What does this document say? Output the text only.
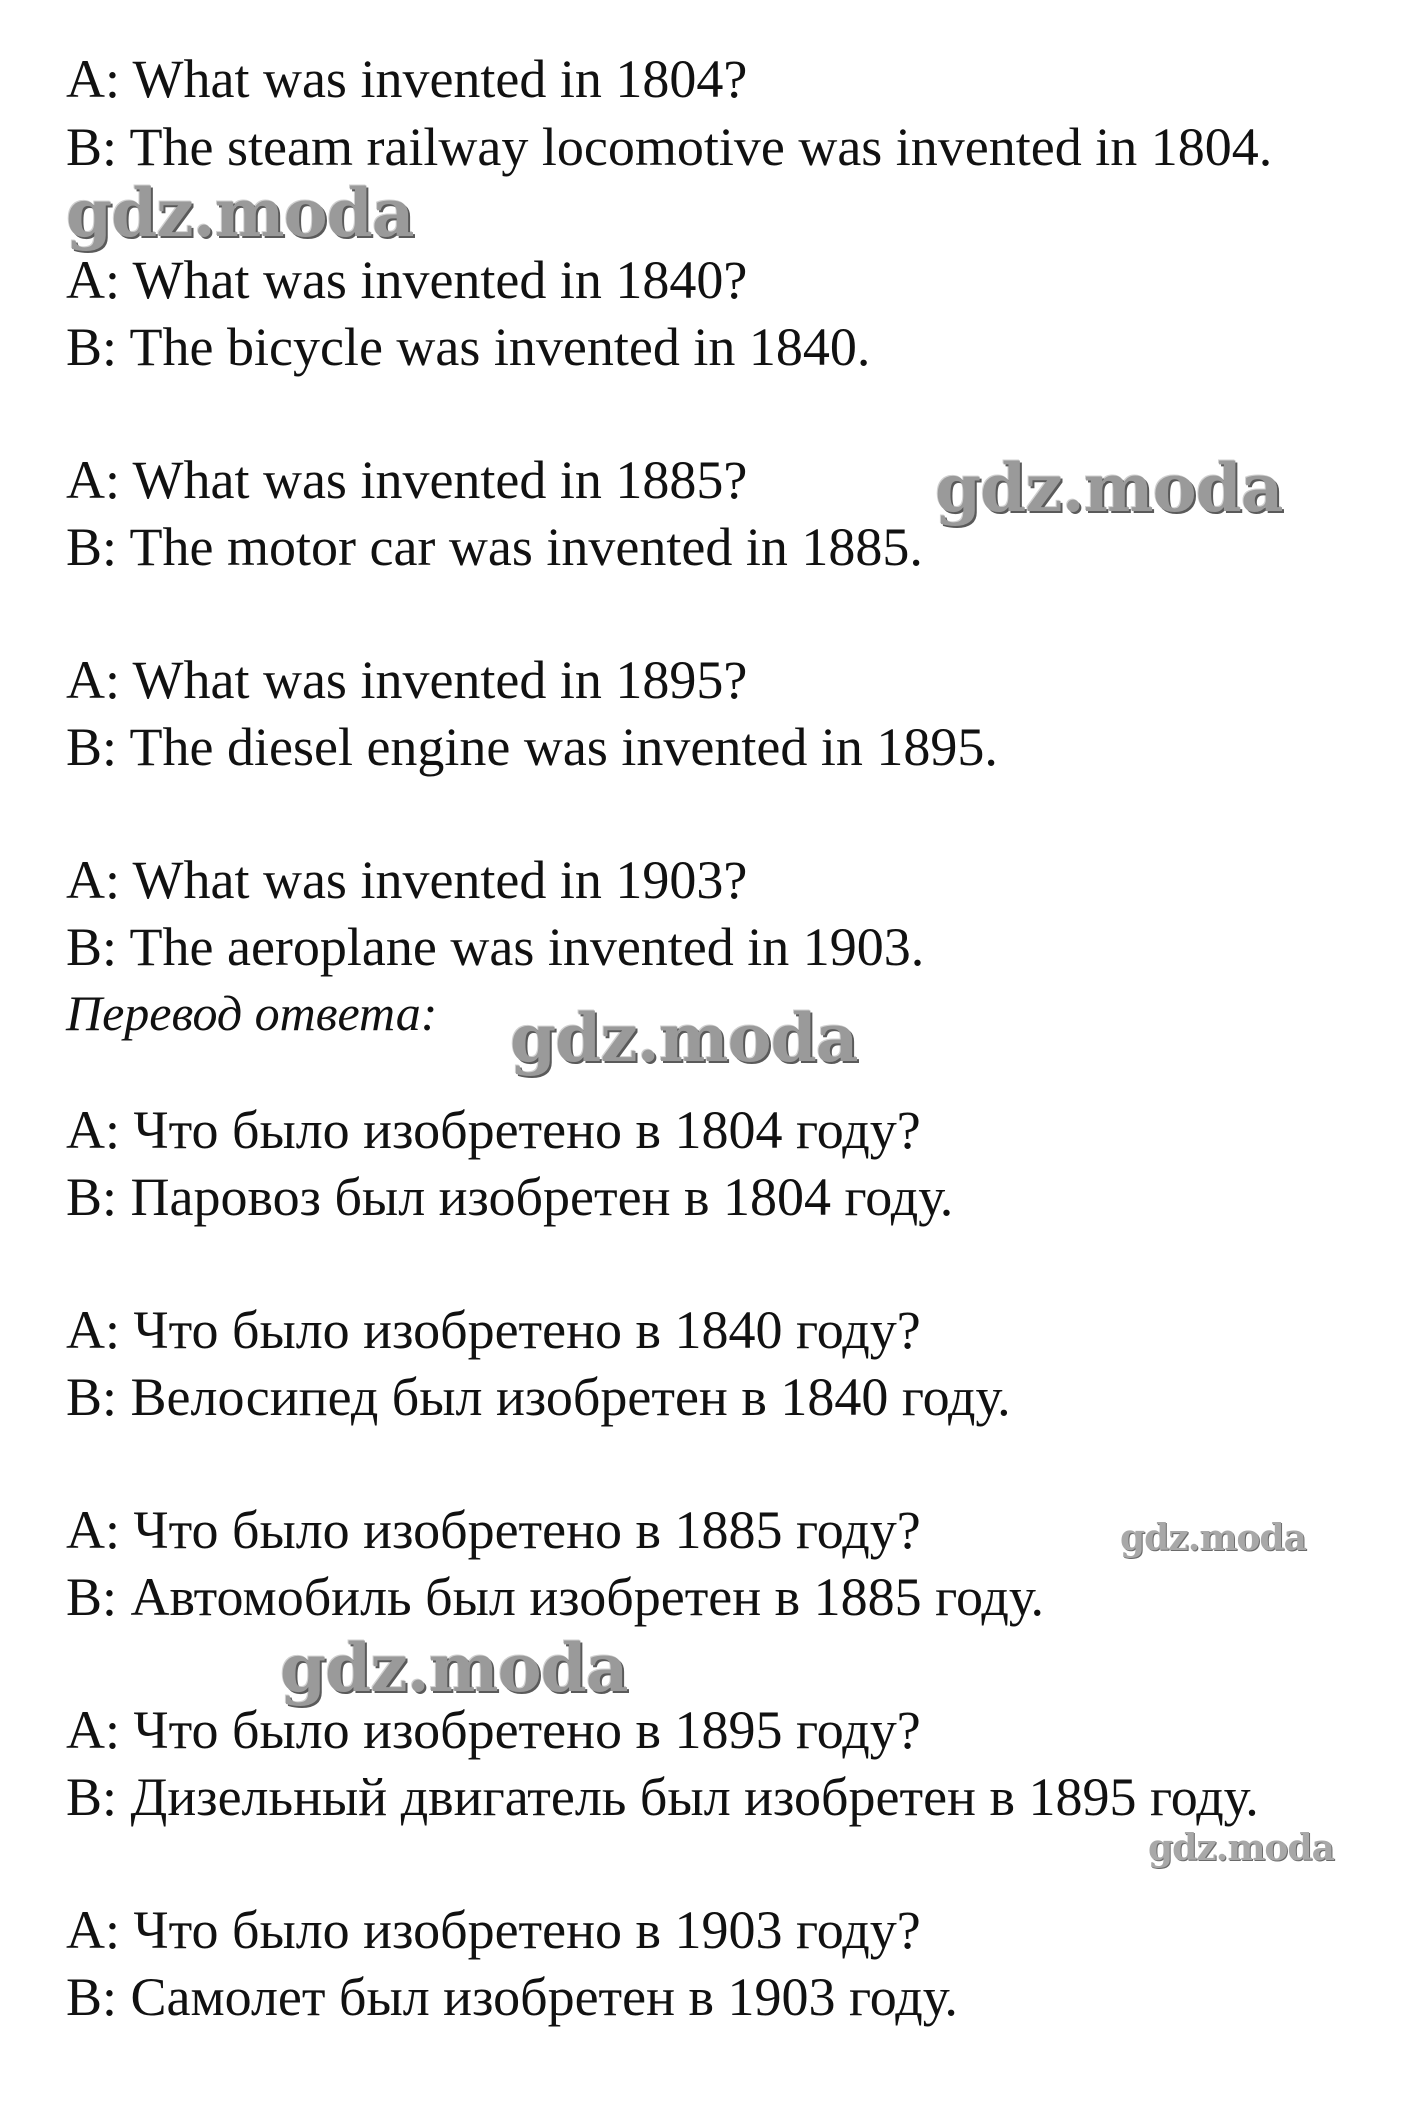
A: What was invented in 1804?
B: The steam railway locomotive was invented in 1804.
A: What was invented in 1840?
B: The bicycle was invented in 1840.
A: What was invented in 1885?
B: The motor car was invented in 1885.
A: What was invented in 1895?
B: The diesel engine was invented in 1895.
A: What was invented in 1903?
B: The aeroplane was invented in 1903.
Перевод ответа:
A: Что было изобретено в 1804 году?
B: Паровоз был изобретен в 1804 году.
A: Что было изобретено в 1840 году?
B: Велосипед был изобретен в 1840 году.
A: Что было изобретено в 1885 году?
B: Автомобиль был изобретен в 1885 году.
A: Что было изобретено в 1895 году?
B: Дизельный двигатель был изобретен в 1895 году.
A: Что было изобретено в 1903 году?
B: Самолет был изобретен в 1903 году.
gdz.moda
gdz.moda
gdz.moda
gdz.moda
gdz.moda
gdz.moda
